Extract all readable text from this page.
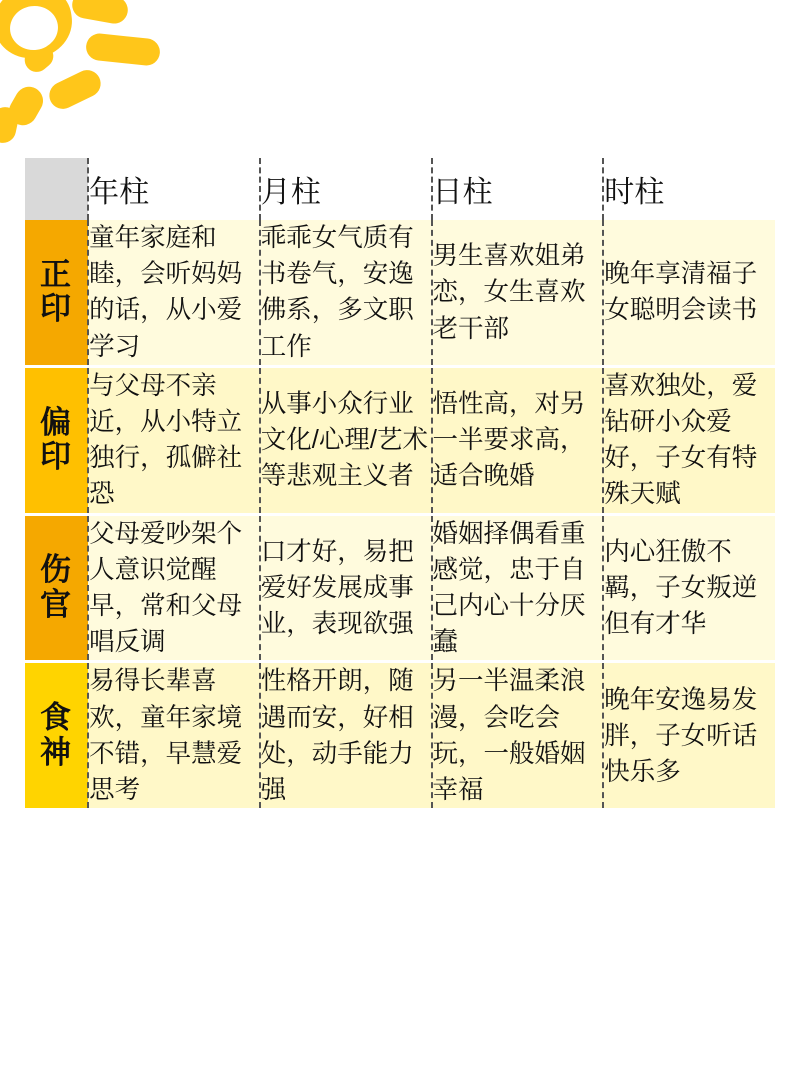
	年柱	月柱	日柱	时柱

正印	童年家庭和睦，会听妈妈的话，从小爱学习	乖乖女气质有书卷气，安逸佛系，多文职工作	男生喜欢姐弟恋，女生喜欢老干部	晚年享清福子女聪明会读书

偏印	与父母不亲近，从小特立独行，孤僻社恐	从事小众行业文化/心理/艺术等悲观主义者	悟性高，对另一半要求高，适合晚婚	喜欢独处，爱钻研小众爱好，子女有特殊天赋

伤官	父母爱吵架个人意识觉醒早，常和父母唱反调	口才好，易把爱好发展成事业，表现欲强	婚姻择偶看重感觉，忠于自己内心十分厌蠢	内心狂傲不羁，子女叛逆但有才华

食神	易得长辈喜欢，童年家境不错，早慧爱思考	性格开朗，随遇而安，好相处，动手能力强	另一半温柔浪漫，会吃会玩，一般婚姻幸福	晚年安逸易发胖，子女听话快乐多
